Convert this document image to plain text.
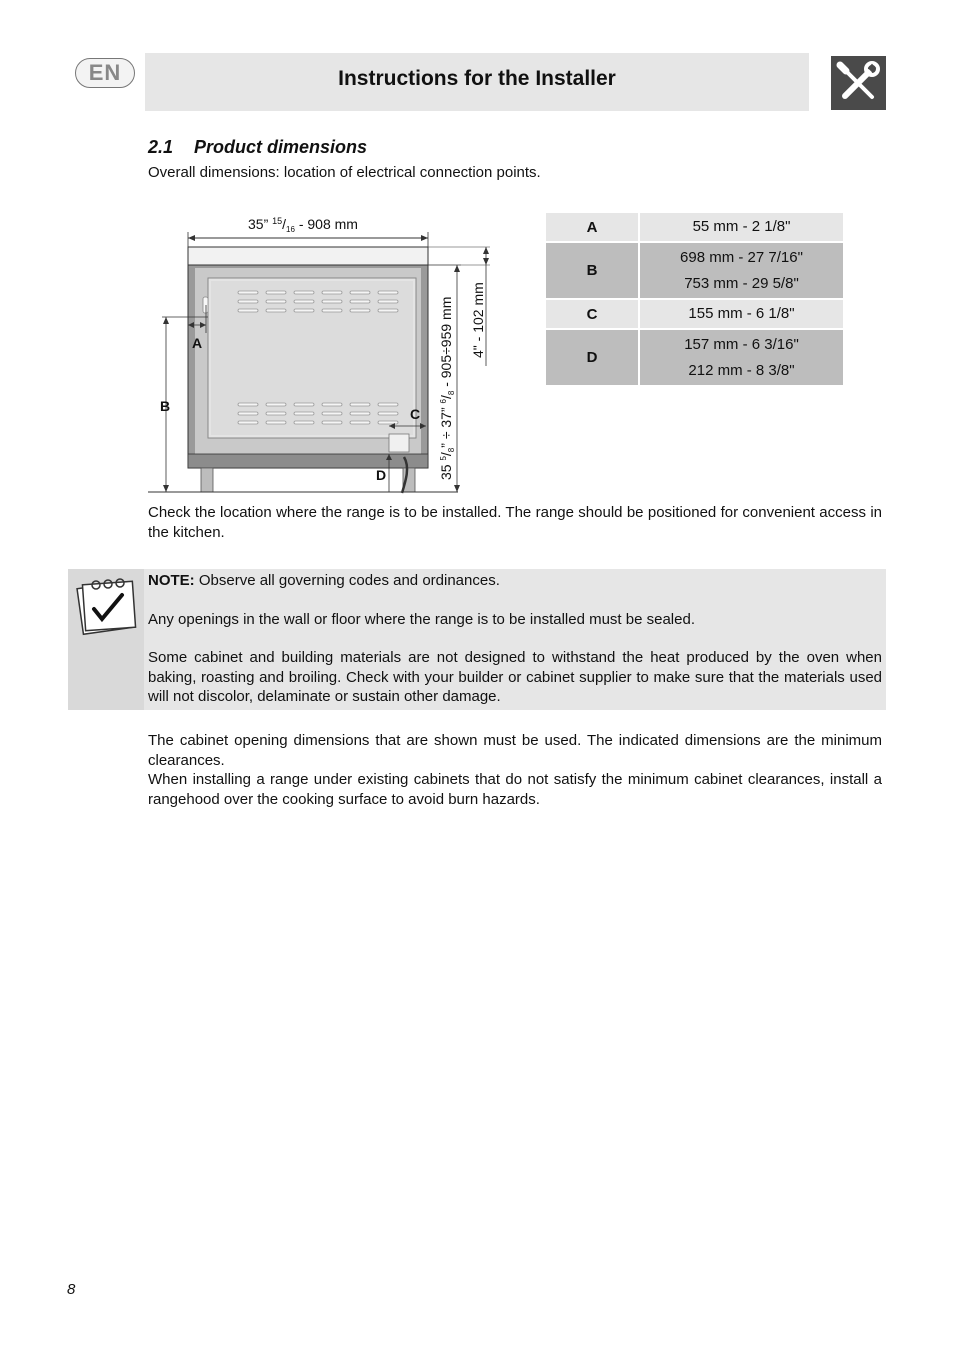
EN	Instructions for the Installer
2.1 Product dimensions
Overall dimensions: location of electrical connection points.
35” $^{15}/_{16} - 908$ mm
A
B	C
D	35 $^5/_8$” ÷ 37” $^6/_8 - 905\div 959$ mm 4" - 102 mm
A	55 mm - 2 1/8"

B	698 mm - 27 7/16"
753 mm - 29 5/8"

C	155 mm - 6 1/8"

D	157 mm - 6 3/16"
212 mm - 8 3/8"
Check the location where the range is to be installed. The range should be positioned for convenient access in the kitchen.

NOTE: Observe all governing codes and ordinances.

Any openings in the wall or floor where the range is to be installed must be sealed.

Some cabinet and building materials are not designed to withstand the heat produced by the oven when baking, roasting and broiling. Check with your builder or cabinet supplier to make sure that the materials used will not discolor, delaminate or sustain other damage.

The cabinet opening dimensions that are shown must be used. The indicated dimensions are the minimum clearances.
When installing a range under existing cabinets that do not satisfy the minimum cabinet clearances, install a rangehood over the cooking surface to avoid burn hazards.
8
